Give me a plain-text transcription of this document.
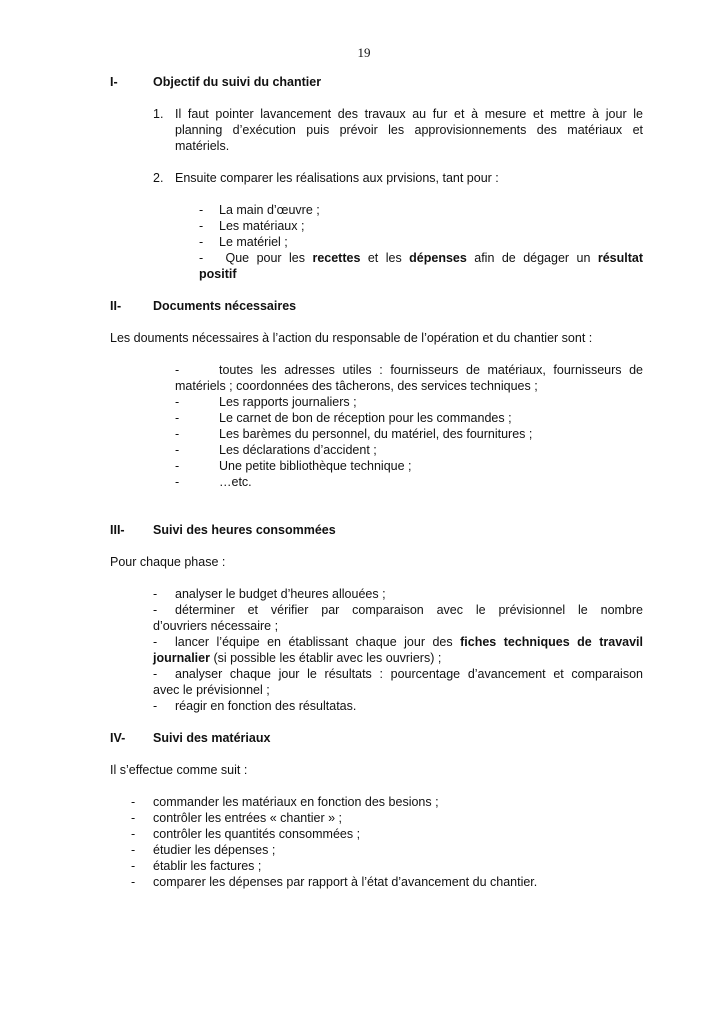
19
I-	Objectif du suivi du chantier
1. Il faut pointer lavancement des travaux au fur et à mesure et mettre à jour le
planning d’exécution puis prévoir les approvisionnements des matériaux et
matériels.
2. Ensuite comparer les réalisations aux prvisions, tant pour :
- La main d’œuvre ;
- Les matériaux ;
- Le matériel ;
- Que pour les recettes et les dépenses afin de dégager un résultat
positif
II-	Documents nécessaires
Les douments nécessaires à l’action du responsable de l’opération et du chantier sont :
-	toutes les adresses utiles : fournisseurs de matériaux, fournisseurs de
matériels ; coordonnées des tâcherons, des services techniques ;
-	Les rapports journaliers ;
-	Le carnet de bon de réception pour les commandes ;
-	Les barèmes du personnel, du matériel, des fournitures ;
-	Les déclarations d’accident ;
-	Une petite bibliothèque technique ;
-	…etc.
III- Suivi des heures consommées
Pour chaque phase :
- analyser le budget d’heures allouées ;
- déterminer et vérifier par comparaison avec le prévisionnel le nombre
d’ouvriers nécessaire ;
- lancer l’équipe en établissant chaque jour des fiches techniques de travavil
journalier (si possible les établir avec les ouvriers) ;
- analyser chaque jour le résultats : pourcentage d’avancement et comparaison
avec le prévisionnel ;
- réagir en fonction des résultatas.
IV- Suivi des matériaux
Il s’effectue comme suit :
- commander les matériaux en fonction des besions ;
- contrôler les entrées « chantier » ;
- contrôler les quantités consommées ;
- étudier les dépenses ;
- établir les factures ;
- comparer les dépenses par rapport à l’état d’avancement du chantier.
